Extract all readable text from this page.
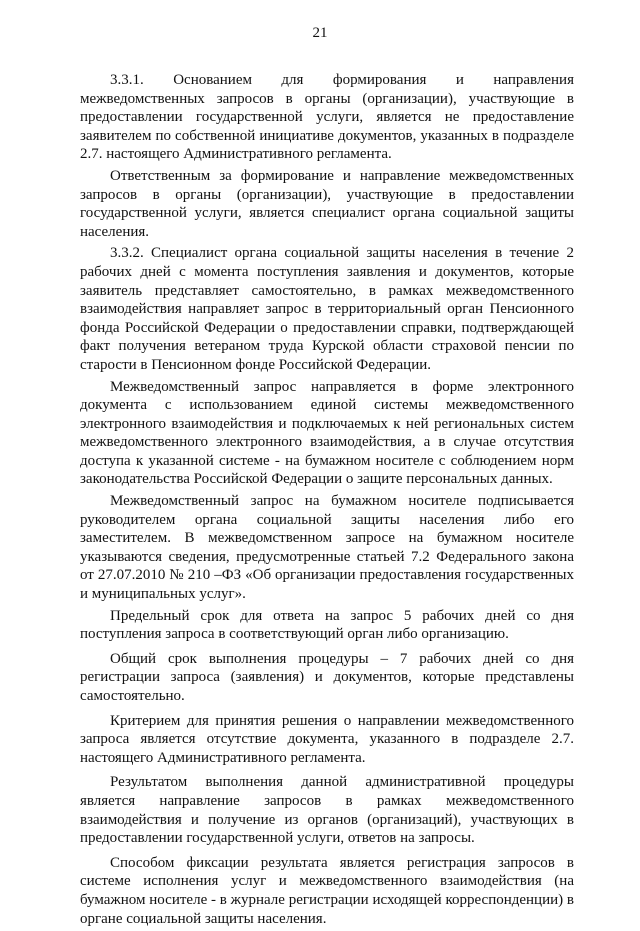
21

3.3.1. Основанием для формирования и направления межведомственных запросов в органы (организации), участвующие в предоставлении государственной услуги, является не предоставление заявителем по собственной инициативе документов, указанных в подразделе 2.7. настоящего Административного регламента.

Ответственным за формирование и направление межведомственных запросов в органы (организации), участвующие в предоставлении государственной услуги, является специалист органа социальной защиты населения.

3.3.2. Специалист органа социальной защиты населения в течение 2 рабочих дней с момента поступления заявления и документов, которые заявитель представляет самостоятельно, в рамках межведомственного взаимодействия направляет запрос в территориальный орган Пенсионного фонда Российской Федерации о предоставлении справки, подтверждающей факт получения ветераном труда Курской области страховой пенсии по старости в Пенсионном фонде Российской Федерации.

Межведомственный запрос направляется в форме электронного документа с использованием единой системы межведомственного электронного взаимодействия и подключаемых к ней региональных систем межведомственного электронного взаимодействия, а в случае отсутствия доступа к указанной системе - на бумажном носителе с соблюдением норм законодательства Российской Федерации о защите персональных данных.

Межведомственный запрос на бумажном носителе подписывается руководителем органа социальной защиты населения либо его заместителем. В межведомственном запросе на бумажном носителе указываются сведения, предусмотренные статьей 7.2 Федерального закона от 27.07.2010 № 210 –ФЗ «Об организации предоставления государственных и муниципальных услуг».

Предельный срок для ответа на запрос 5 рабочих дней со дня поступления запроса в соответствующий орган либо организацию.

Общий срок выполнения процедуры – 7 рабочих дней со дня регистрации запроса (заявления) и документов, которые представлены самостоятельно.

Критерием для принятия решения о направлении межведомственного запроса является отсутствие документа, указанного в подразделе 2.7. настоящего Административного регламента.

Результатом выполнения данной административной процедуры является направление запросов в рамках межведомственного взаимодействия и получение из органов (организаций), участвующих в предоставлении государственной услуги, ответов на запросы.

Способом фиксации результата является регистрация запросов в системе исполнения услуг и межведомственного взаимодействия (на бумажном носителе - в журнале регистрации исходящей корреспонденции) в органе социальной защиты населения.
